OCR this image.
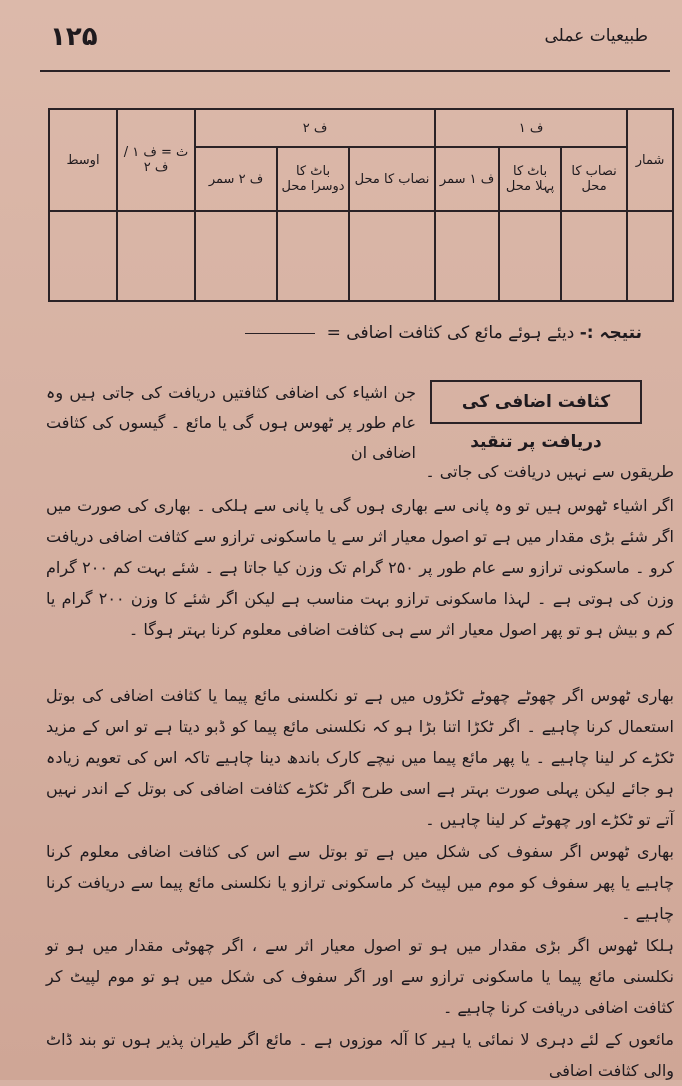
۱۲۵	طبیعیات عملی
شمار	ف ۱			ف ۲			ث = ف ۱ / ف ۲	اوسط
	نصاب کا محل	باٹ کا پہلا محل	ف ۱ سمر	نصاب کا محل	باٹ کا دوسرا محل	ف ۲ سمر		

نتیجہ :- دیئے ہوئے مائع کی کثافت اضافی =
کثافت اضافی کی دریافت پر تنقید
جن اشیاء کی اضافی کثافتیں دریافت کی جاتی ہیں وہ عام طور پر ٹھوس ہوں گی یا مائع ۔ گیسوں کی کثافت اضافی ان
طریقوں سے نہیں دریافت کی جاتی ۔
اگر اشیاء ٹھوس ہیں تو وہ پانی سے بھاری ہوں گی یا پانی سے ہلکی ۔ بھاری کی صورت میں اگر شئے بڑی مقدار میں ہے تو اصول معیار اثر سے یا ماسکونی ترازو سے کثافت اضافی دریافت کرو ۔ ماسکونی ترازو سے عام طور پر ۲۵۰ گرام تک وزن کیا جاتا ہے ۔ شئے بہت کم ۲۰۰ گرام وزن کی ہوتی ہے ۔ لہذا ماسکونی ترازو بہت مناسب ہے لیکن اگر شئے کا وزن ۲۰۰ گرام یا کم و بیش ہو تو پھر اصول معیار اثر سے ہی کثافت اضافی معلوم کرنا بہتر ہوگا ۔
بھاری ٹھوس اگر چھوٹے چھوٹے ٹکڑوں میں ہے تو نکلسنی مائع پیما یا کثافت اضافی کی بوتل استعمال کرنا چاہیے ۔ اگر ٹکڑا اتنا بڑا ہو کہ نکلسنی مائع پیما کو ڈبو دیتا ہے تو اس کے مزید ٹکڑے کر لینا چاہیے ۔ یا پھر مائع پیما میں نیچے کارک باندھ دینا چاہیے تاکہ اس کی تعویم زیادہ ہو جائے لیکن پہلی صورت بہتر ہے اسی طرح اگر ٹکڑے کثافت اضافی کی بوتل کے اندر نہیں آتے تو ٹکڑے اور چھوٹے کر لینا چاہیں ۔
بھاری ٹھوس اگر سفوف کی شکل میں ہے تو بوتل سے اس کی کثافت اضافی معلوم کرنا چاہیے یا پھر سفوف کو موم میں لپیٹ کر ماسکونی ترازو یا نکلسنی مائع پیما سے دریافت کرنا چاہیے ۔
ہلکا ٹھوس اگر بڑی مقدار میں ہو تو اصول معیار اثر سے ، اگر چھوٹی مقدار میں ہو تو نکلسنی مائع پیما یا ماسکونی ترازو سے اور اگر سفوف کی شکل میں ہو تو موم لپیٹ کر کثافت اضافی دریافت کرنا چاہیے ۔
مائعوں کے لئے دہری لا نمائی یا ہیر کا آلہ موزوں ہے ۔ مائع اگر طیران پذیر ہوں تو بند ڈاٹ والی کثافت اضافی
